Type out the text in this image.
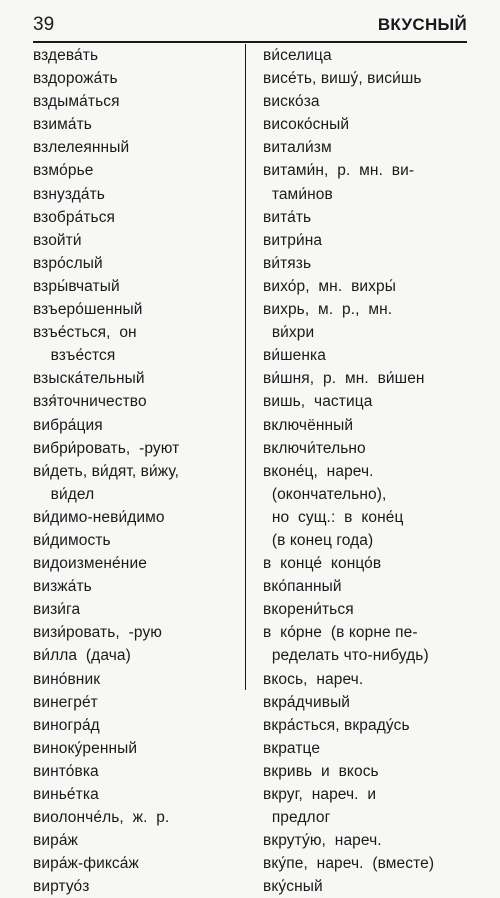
39	ВКУСНЫЙ
вздева́ть
вздорожа́ть
вздыма́ться
взима́ть
взлелеянный
взмо́рье
взнузда́ть
взобра́ться
взойти́
взро́слый
взры́вчатый
взъеро́шенный
взъе́сться,  он
взъе́стся
взыска́тельный
взя́точничество
вибра́ция
вибри́ровать,  -руют
ви́деть, ви́дят, ви́жу,
ви́дел
ви́димо-неви́димо
ви́димость
видоизмене́ние
визжа́ть
визи́га
визи́ровать,  -рую
ви́лла  (дача)
вино́вник
винегре́т
виногра́д
виноку́ренный
винто́вка
винье́тка
виолонче́ль,  ж.  р.
вира́ж
вира́ж-фикса́ж
виртуо́з
ви́селица
висе́ть, вишу́, виси́шь
виско́за
високо́сный
витали́зм
витами́н,  р.  мн.  ви-
тами́нов
вита́ть
витри́на
ви́тязь
вихо́р,  мн.  вихры́
вихрь,  м.  р.,  мн.
ви́хри
ви́шенка
ви́шня,  р.  мн.  ви́шен
вишь,  частица
включённый
включи́тельно
вконе́ц,  нареч.
(окончательно),
но  сущ.:  в  коне́ц
(в конец года)
в  конце́  концо́в
вко́панный
вкорени́ться
в  ко́рне  (в корне пе-
ределать что-нибудь)
вкось,  нареч.
вкра́дчивый
вкра́сться, вкраду́сь
вкратце
вкривь  и  вкось
вкруг,  нареч.  и
предлог
вкруту́ю,  нареч.
вку́пе,  нареч.  (вместе)
вку́сный
